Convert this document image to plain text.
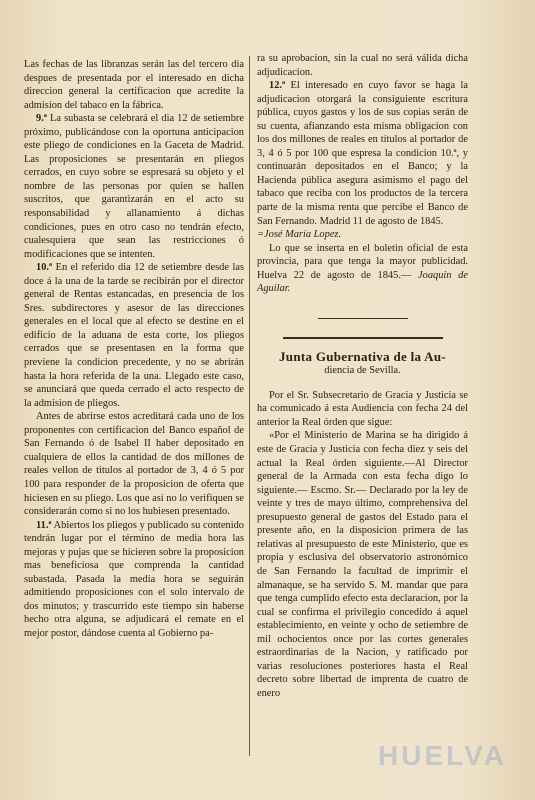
Las fechas de las libranzas serán las del tercero dia despues de presentada por el interesado en dicha direccion general la certificacion que acredite la admision del tabaco en la fábrica.

9.ª La subasta se celebrará el dia 12 de setiembre próximo, publicándose con la oportuna anticipacion este pliego de condiciones en la Gaceta de Madrid. Las proposiciones se presentarán en pliegos cerrados, en cuyo sobre se espresará su objeto y el nombre de las personas por quien se hallen suscritos, que garantizarán en el acto su responsabilidad y allanamiento á dichas condiciones, pues en otro caso no tendrán efecto, cualesquiera que sean las restricciones ó modificaciones que se intenten.

10.ª En el referido dia 12 de setiembre desde las doce á la una de la tarde se recibirán por el director general de Rentas estancadas, en presencia de los Sres. subdirectores y asesor de las direcciones generales en el local que al efecto se destine en el edificio de la aduana de esta corte, los pliegos cerrados que se presentasen en la forma que previene la condicion precedente, y no se abrirán hasta la hora referida de la una. Llegado este caso, se anunciará que queda cerrado el acto respecto de la admision de pliegos.

Antes de abrirse estos acreditará cada uno de los proponentes con certificacion del Banco español de San Fernando ó de Isabel II haber depositado en cualquiera de ellos la cantidad de dos millones de reales vellon de titulos al portador de 3, 4 ó 5 por 100 para responder de la proposicion de oferta que hiciesen en su pliego. Los que así no lo verifiquen se considerarán como si no los hubiesen presentado.

11.ª Abiertos los pliegos y publicado su contenido tendrán lugar por el término de media hora las mejoras y pujas que se hicieren sobre la proposicion mas beneficiosa que comprenda la cantidad subastada. Pasada la media hora se seguirán admitiendo proposiciones con el solo intervalo de dos minutos; y trascurrido este tiempo sin haberse hecho otra alguna, se adjudicará el remate en el mejor postor, dándose cuenta al Gobierno pa-

ra su aprobacion, sin la cual no será válida dicha adjudicacion.

12.ª El interesado en cuyo favor se haga la adjudicacion otorgará la consiguiente escritura pública, cuyos gastos y los de sus copias serán de su cuenta, afianzando esta misma obligacion con los dos millones de reales en títulos al portador de 3, 4 ó 5 por 100 que espresa la condicion 10.ª, y continuarán depositados en el Banco; y la Hacienda pública asegura asimismo el pago del tabaco que reciba con los productos de la tercera parte de la misma renta que percibe el Banco de San Fernando. Madrid 11 de agosto de 1845.
=José María Lopez.

Lo que se inserta en el boletin oficial de esta provincia, para que tenga la mayor publicidad. Huelva 22 de agosto de 1845.— Joaquin de Aguilar.

Junta Gubernativa de la Au-
diencia de Sevilla.

Por el Sr. Subsecretario de Gracia y Justicia se ha comunicado á esta Audiencia con fecha 24 del anterior la Real órden que sigue:

«Por el Ministerio de Marina se ha dirigido á este de Gracia y Justicia con fecha diez y seis del actual la Real órden siguiente.—Al Director general de la Armada con esta fecha digo lo siguiente.— Escmo. Sr.— Declarado por la ley de veinte y tres de mayo último, comprehensiva del presupuesto general de gastos del Estado para el presente año, en la disposicion primera de las relativas al presupuesto de este Ministerio, que es propia y esclusiva del observatorio astronómico de San Fernando la facultad de imprimir el almanaque, se ha servido S. M. mandar que para que tenga cumplido efecto esta declaracion, por la cual se confirma el privilegio concedido á aquel establecimiento, en veinte y ocho de setiembre de mil ochocientos once por las cortes generales estraordinarias de la Nacion, y ratificado por varias resoluciones posteriores hasta el Real decreto sobre libertad de imprenta de cuatro de enero

HUELVA
